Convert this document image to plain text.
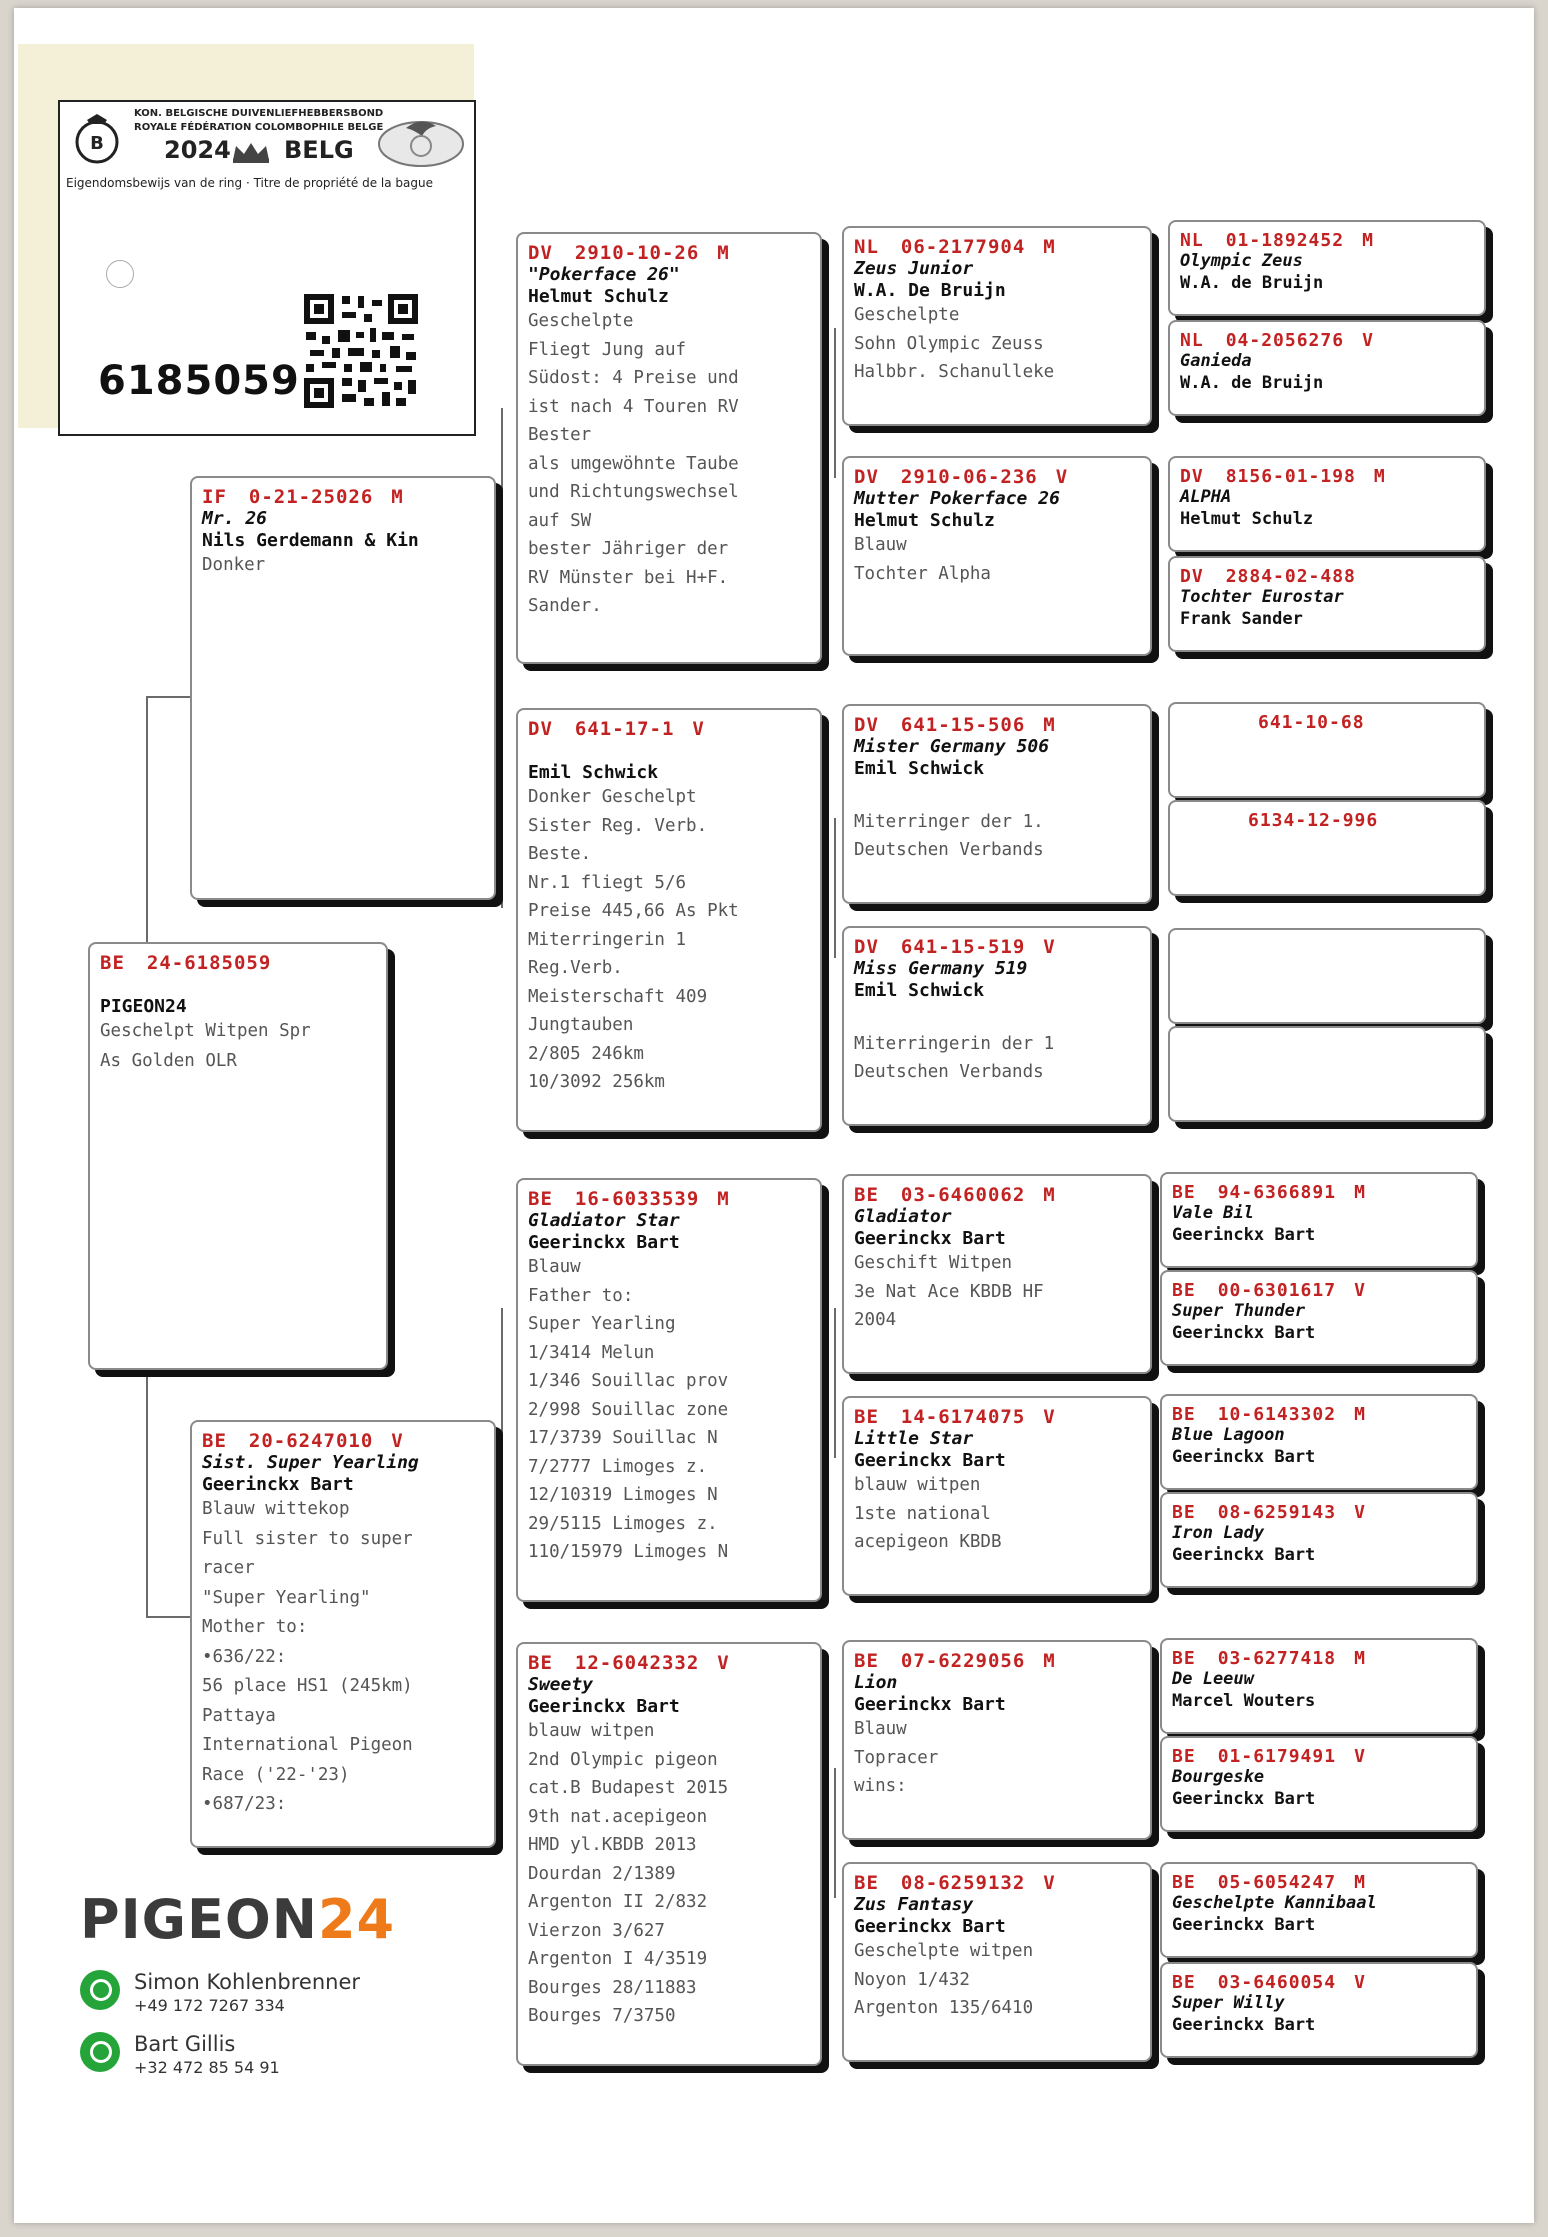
B
KON. BELGISCHE DUIVENLIEFHEBBERSBOND
ROYALE FÉDÉRATION COLOMBOPHILE BELGE
2024 BELG
Eigendomsbewijs van de ring · Titre de propriété de la bague
6185059
BE 24-6185059
PIGEON24
Geschelpt Witpen Spr
As Golden OLR
IF 0-21-25026 M
Mr. 26
Nils Gerdemann & Kin
Donker
BE 20-6247010 V
Sist. Super Yearling
Geerinckx Bart
Blauw wittekop
Full sister to super
racer
"Super Yearling"
Mother to:
•636/22:
56 place HS1 (245km)
Pattaya
International Pigeon
Race ('22-'23)
•687/23:
DV 2910-10-26 M
"Pokerface 26"
Helmut Schulz
Geschelpte
Fliegt Jung auf
Südost: 4 Preise und
ist nach 4 Touren RV
Bester
als umgewöhnte Taube
und Richtungswechsel
auf SW
bester Jähriger der
RV Münster bei H+F.
Sander.
DV 641-17-1 V
Emil Schwick
Donker Geschelpt
Sister Reg. Verb.
Beste.
Nr.1 fliegt 5/6
Preise 445,66 As Pkt
Miterringerin 1
Reg.Verb.
Meisterschaft 409
Jungtauben
2/805 246km
10/3092 256km
BE 16-6033539 M
Gladiator Star
Geerinckx Bart
Blauw
Father to:
Super Yearling
1/3414 Melun
1/346 Souillac prov
2/998 Souillac zone
17/3739 Souillac N
7/2777 Limoges z.
12/10319 Limoges N
29/5115 Limoges z.
110/15979 Limoges N
BE 12-6042332 V
Sweety
Geerinckx Bart
blauw witpen
2nd Olympic pigeon
cat.B Budapest 2015
9th nat.acepigeon
HMD yl.KBDB 2013
Dourdan 2/1389
Argenton II 2/832
Vierzon 3/627
Argenton I 4/3519
Bourges 28/11883
Bourges 7/3750
NL 06-2177904 M
Zeus Junior
W.A. De Bruijn
Geschelpte
Sohn Olympic Zeuss
Halbbr. Schanulleke
DV 2910-06-236 V
Mutter Pokerface 26
Helmut Schulz
Blauw
Tochter Alpha
DV 641-15-506 M
Mister Germany 506
Emil Schwick

Miterringer der 1.
Deutschen Verbands
DV 641-15-519 V
Miss Germany 519
Emil Schwick

Miterringerin der 1
Deutschen Verbands
BE 03-6460062 M
Gladiator
Geerinckx Bart
Geschift Witpen
3e Nat Ace KBDB HF
2004
BE 14-6174075 V
Little Star
Geerinckx Bart
blauw witpen
1ste national
acepigeon KBDB
BE 07-6229056 M
Lion
Geerinckx Bart
Blauw
Topracer
wins:
BE 08-6259132 V
Zus Fantasy
Geerinckx Bart
Geschelpte witpen
Noyon 1/432
Argenton 135/6410
NL 01-1892452 M
Olympic Zeus
W.A. de Bruijn
NL 04-2056276 V
Ganieda
W.A. de Bruijn
DV 8156-01-198 M
ALPHA
Helmut Schulz
DV 2884-02-488
Tochter Eurostar
Frank Sander
641-10-68
6134-12-996
BE 94-6366891 M
Vale Bil
Geerinckx Bart
BE 00-6301617 V
Super Thunder
Geerinckx Bart
BE 10-6143302 M
Blue Lagoon
Geerinckx Bart
BE 08-6259143 V
Iron Lady
Geerinckx Bart
BE 03-6277418 M
De Leeuw
Marcel Wouters
BE 01-6179491 V
Bourgeske
Geerinckx Bart
BE 05-6054247 M
Geschelpte Kannibaal
Geerinckx Bart
BE 03-6460054 V
Super Willy
Geerinckx Bart
PIGEON24
Simon Kohlenbrenner
+49 172 7267 334
Bart Gillis
+32 472 85 54 91
